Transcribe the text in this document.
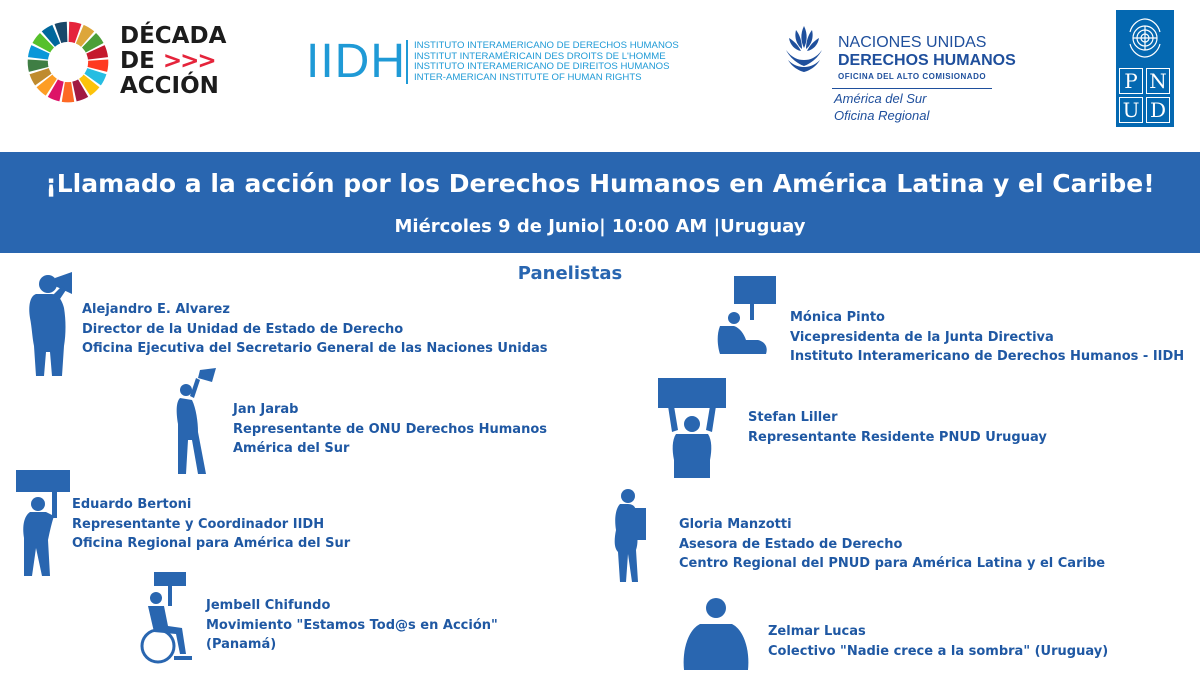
DÉCADA
DE >>>
ACCIÓN IIDH INSTITUTO INTERAMERICANO DE DERECHOS HUMANOS
INSTITUT INTERAMÉRICAIN DES DROITS DE L'HOMME
INSTITUTO INTERAMERICANO DE DIREITOS HUMANOS
INTER-AMERICAN INSTITUTE OF HUMAN RIGHTS
NACIONES UNIDAS
DERECHOS HUMANOS
OFICINA DEL ALTO COMISIONADO
América del Sur
Oficina Regional
P N
U D
¡Llamado a la acción por los Derechos Humanos en América Latina y el Caribe!
Miércoles 9 de Junio| 10:00 AM |Uruguay
Panelistas
Alejandro E. Alvarez
Director de la Unidad de Estado de Derecho
Oficina Ejecutiva del Secretario General de las Naciones Unidas
Jan Jarab
Representante de ONU Derechos Humanos
América del Sur
Eduardo Bertoni
Representante y Coordinador IIDH
Oficina Regional para América del Sur
Jembell Chifundo
Movimiento "Estamos Tod@s en Acción"
(Panamá)
Mónica Pinto
Vicepresidenta de la Junta Directiva
Instituto Interamericano de Derechos Humanos - IIDH
Stefan Liller
Representante Residente PNUD Uruguay
Gloria Manzotti
Asesora de Estado de Derecho
Centro Regional del PNUD para América Latina y el Caribe
Zelmar Lucas
Colectivo "Nadie crece a la sombra" (Uruguay)
